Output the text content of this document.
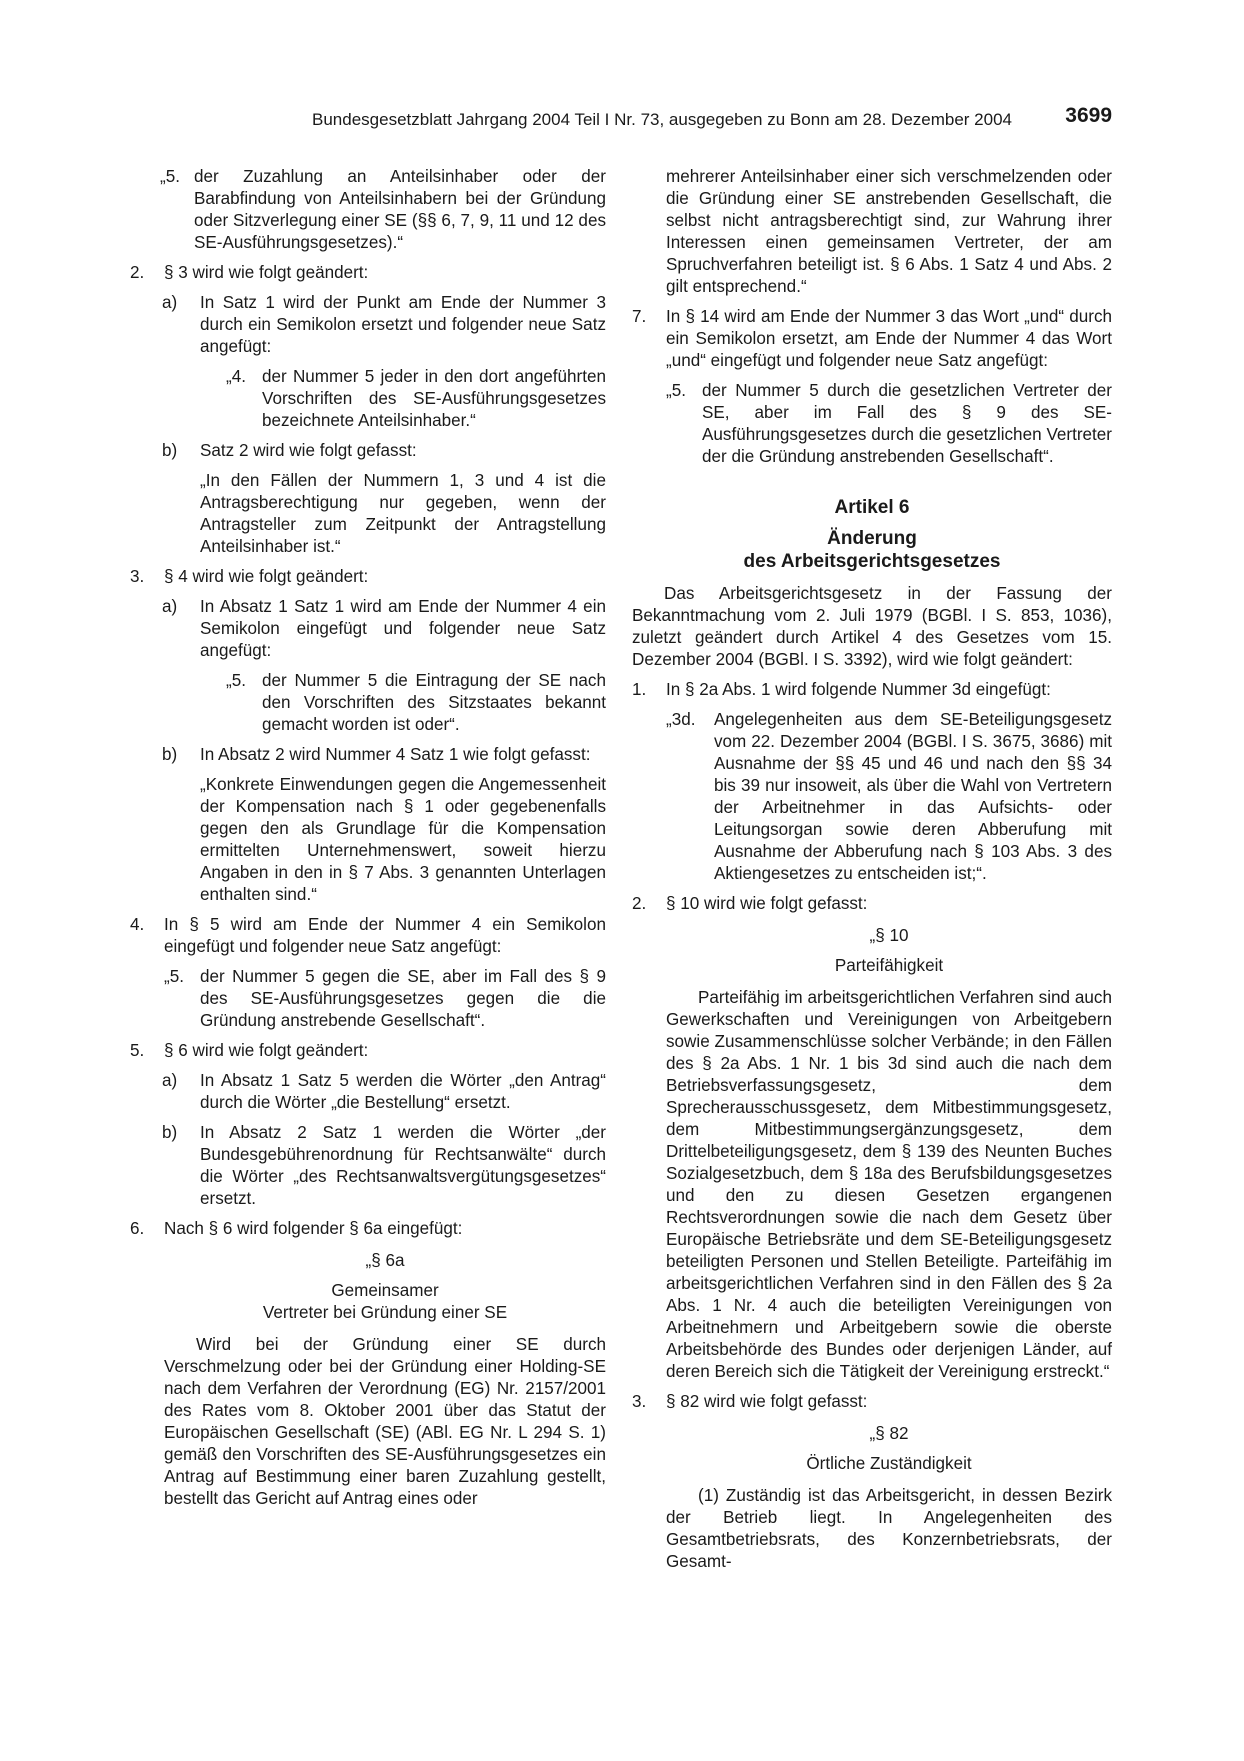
Bundesgesetzblatt Jahrgang 2004 Teil I Nr. 73, ausgegeben zu Bonn am 28. Dezember 2004	3699
„5. der Zuzahlung an Anteilsinhaber oder der Barabfindung von Anteilsinhabern bei der Gründung oder Sitzverlegung einer SE (§§ 6, 7, 9, 11 und 12 des SE-Ausführungsgesetzes).“

2. § 3 wird wie folgt geändert:

a) In Satz 1 wird der Punkt am Ende der Nummer 3 durch ein Semikolon ersetzt und folgender neue Satz angefügt:

„4. der Nummer 5 jeder in den dort angeführten Vorschriften des SE-Ausführungsgesetzes bezeichnete Anteilsinhaber.“

b) Satz 2 wird wie folgt gefasst:

„In den Fällen der Nummern 1, 3 und 4 ist die Antragsberechtigung nur gegeben, wenn der Antragsteller zum Zeitpunkt der Antragstellung Anteilsinhaber ist.“

3. § 4 wird wie folgt geändert:

a) In Absatz 1 Satz 1 wird am Ende der Nummer 4 ein Semikolon eingefügt und folgender neue Satz angefügt:

„5. der Nummer 5 die Eintragung der SE nach den Vorschriften des Sitzstaates bekannt gemacht worden ist oder“.

b) In Absatz 2 wird Nummer 4 Satz 1 wie folgt gefasst:

„Konkrete Einwendungen gegen die Angemessenheit der Kompensation nach § 1 oder gegebenenfalls gegen den als Grundlage für die Kompensation ermittelten Unternehmenswert, soweit hierzu Angaben in den in § 7 Abs. 3 genannten Unterlagen enthalten sind.“

4. In § 5 wird am Ende der Nummer 4 ein Semikolon eingefügt und folgender neue Satz angefügt:

„5. der Nummer 5 gegen die SE, aber im Fall des § 9 des SE-Ausführungsgesetzes gegen die die Gründung anstrebende Gesellschaft“.

5. § 6 wird wie folgt geändert:

a) In Absatz 1 Satz 5 werden die Wörter „den Antrag“ durch die Wörter „die Bestellung“ ersetzt.

b) In Absatz 2 Satz 1 werden die Wörter „der Bundesgebührenordnung für Rechtsanwälte“ durch die Wörter „des Rechtsanwaltsvergütungsgesetzes“ ersetzt.

6. Nach § 6 wird folgender § 6a eingefügt:

„§ 6a

Gemeinsamer

Vertreter bei Gründung einer SE

Wird bei der Gründung einer SE durch Verschmelzung oder bei der Gründung einer Holding-SE nach dem Verfahren der Verordnung (EG) Nr. 2157/2001 des Rates vom 8. Oktober 2001 über das Statut der Europäischen Gesellschaft (SE) (ABl. EG Nr. L 294 S. 1) gemäß den Vorschriften des SE-Ausführungsgesetzes ein Antrag auf Bestimmung einer baren Zuzahlung gestellt, bestellt das Gericht auf Antrag eines oder

mehrerer Anteilsinhaber einer sich verschmelzenden oder die Gründung einer SE anstrebenden Gesellschaft, die selbst nicht antragsberechtigt sind, zur Wahrung ihrer Interessen einen gemeinsamen Vertreter, der am Spruchverfahren beteiligt ist. § 6 Abs. 1 Satz 4 und Abs. 2 gilt entsprechend.“

7. In § 14 wird am Ende der Nummer 3 das Wort „und“ durch ein Semikolon ersetzt, am Ende der Nummer 4 das Wort „und“ eingefügt und folgender neue Satz angefügt:

„5. der Nummer 5 durch die gesetzlichen Vertreter der SE, aber im Fall des § 9 des SE-Ausführungsgesetzes durch die gesetzlichen Vertreter der die Gründung anstrebenden Gesellschaft“.

Artikel 6

Änderung

des Arbeitsgerichtsgesetzes

Das Arbeitsgerichtsgesetz in der Fassung der Bekanntmachung vom 2. Juli 1979 (BGBl. I S. 853, 1036), zuletzt geändert durch Artikel 4 des Gesetzes vom 15. Dezember 2004 (BGBl. I S. 3392), wird wie folgt geändert:

1. In § 2a Abs. 1 wird folgende Nummer 3d eingefügt:

„3d. Angelegenheiten aus dem SE-Beteiligungsgesetz vom 22. Dezember 2004 (BGBl. I S. 3675, 3686) mit Ausnahme der §§ 45 und 46 und nach den §§ 34 bis 39 nur insoweit, als über die Wahl von Vertretern der Arbeitnehmer in das Aufsichts- oder Leitungsorgan sowie deren Abberufung mit Ausnahme der Abberufung nach § 103 Abs. 3 des Aktiengesetzes zu entscheiden ist;“.

2. § 10 wird wie folgt gefasst:

„§ 10

Parteifähigkeit

Parteifähig im arbeitsgerichtlichen Verfahren sind auch Gewerkschaften und Vereinigungen von Arbeitgebern sowie Zusammenschlüsse solcher Verbände; in den Fällen des § 2a Abs. 1 Nr. 1 bis 3d sind auch die nach dem Betriebsverfassungsgesetz, dem Sprecherausschussgesetz, dem Mitbestimmungsgesetz, dem Mitbestimmungsergänzungsgesetz, dem Drittelbeteiligungsgesetz, dem § 139 des Neunten Buches Sozialgesetzbuch, dem § 18a des Berufsbildungsgesetzes und den zu diesen Gesetzen ergangenen Rechtsverordnungen sowie die nach dem Gesetz über Europäische Betriebsräte und dem SE-Beteiligungsgesetz beteiligten Personen und Stellen Beteiligte. Parteifähig im arbeitsgerichtlichen Verfahren sind in den Fällen des § 2a Abs. 1 Nr. 4 auch die beteiligten Vereinigungen von Arbeitnehmern und Arbeitgebern sowie die oberste Arbeitsbehörde des Bundes oder derjenigen Länder, auf deren Bereich sich die Tätigkeit der Vereinigung erstreckt.“

3. § 82 wird wie folgt gefasst:

„§ 82

Örtliche Zuständigkeit

(1) Zuständig ist das Arbeitsgericht, in dessen Bezirk der Betrieb liegt. In Angelegenheiten des Gesamtbetriebsrats, des Konzernbetriebsrats, der Gesamt-
